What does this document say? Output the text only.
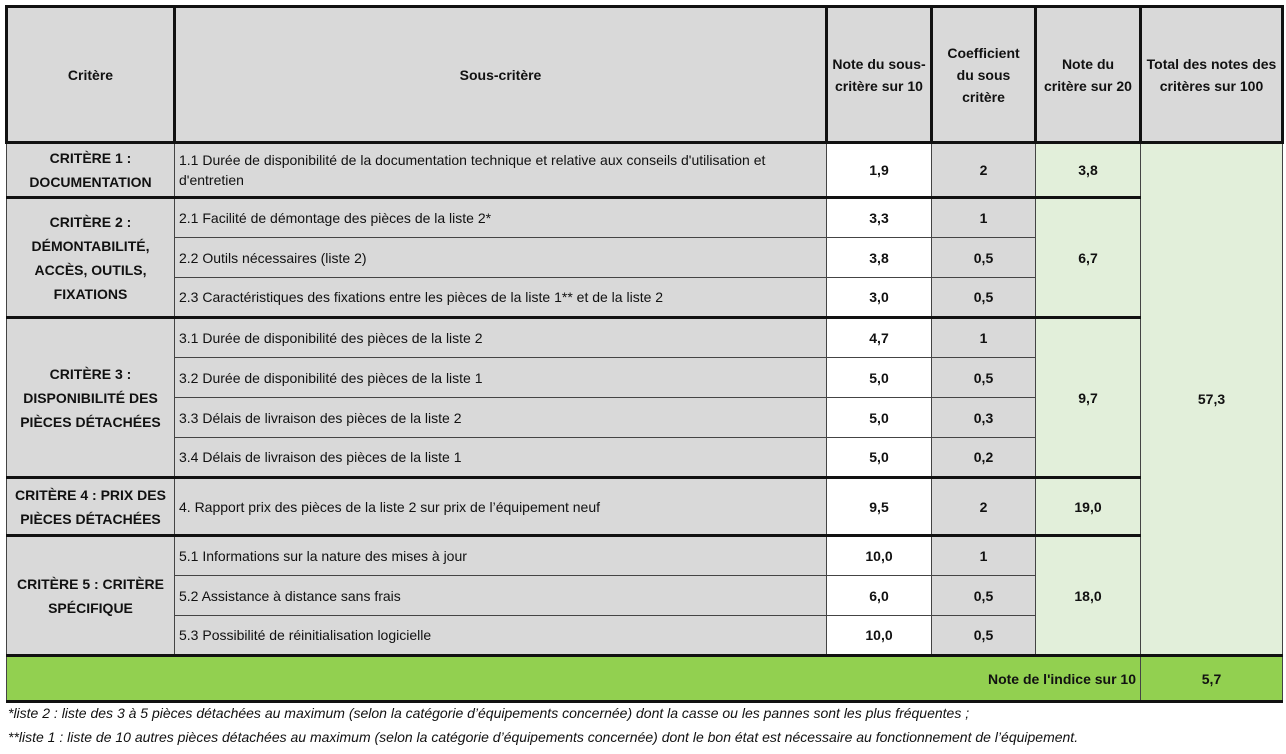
Critère	Sous-critère	Note du sous-critère sur 10	Coefficient du sous critère	Note du critère sur 20	Total des notes des critères sur 100
CRITÈRE 1 : DOCUMENTATION	1.1 Durée de disponibilité de la documentation technique et relative aux conseils d'utilisation et d'entretien	1,9	2	3,8	57,3
CRITÈRE 2 : DÉMONTABILITÉ, ACCÈS, OUTILS, FIXATIONS	2.1 Facilité de démontage des pièces de la liste 2*	3,3	1	6,7	
	2.2 Outils nécessaires (liste 2)	3,8	0,5		
	2.3 Caractéristiques des fixations entre les pièces de la liste 1** et de la liste 2	3,0	0,5		
CRITÈRE 3 : DISPONIBILITÉ DES PIÈCES DÉTACHÉES	3.1 Durée de disponibilité des pièces de la liste 2	4,7	1	9,7	
	3.2 Durée de disponibilité des pièces de la liste 1	5,0	0,5		
	3.3 Délais de livraison des pièces de la liste 2	5,0	0,3		
	3.4 Délais de livraison des pièces de la liste 1	5,0	0,2		
CRITÈRE 4 : PRIX DES PIÈCES DÉTACHÉES	4. Rapport prix des pièces de la liste 2 sur prix de l’équipement neuf	9,5	2	19,0	
CRITÈRE 5 : CRITÈRE SPÉCIFIQUE	5.1 Informations sur la nature des mises à jour	10,0	1	18,0	
	5.2 Assistance à distance sans frais	6,0	0,5		
	5.3 Possibilité de réinitialisation logicielle	10,0	0,5		
Note de l'indice sur 10					5,7
*liste 2 : liste des 3 à 5 pièces détachées au maximum (selon la catégorie d’équipements concernée) dont la casse ou les pannes sont les plus fréquentes ;
**liste 1 : liste de 10 autres pièces détachées au maximum (selon la catégorie d’équipements concernée) dont le bon état est nécessaire au fonctionnement de l’équipement.
